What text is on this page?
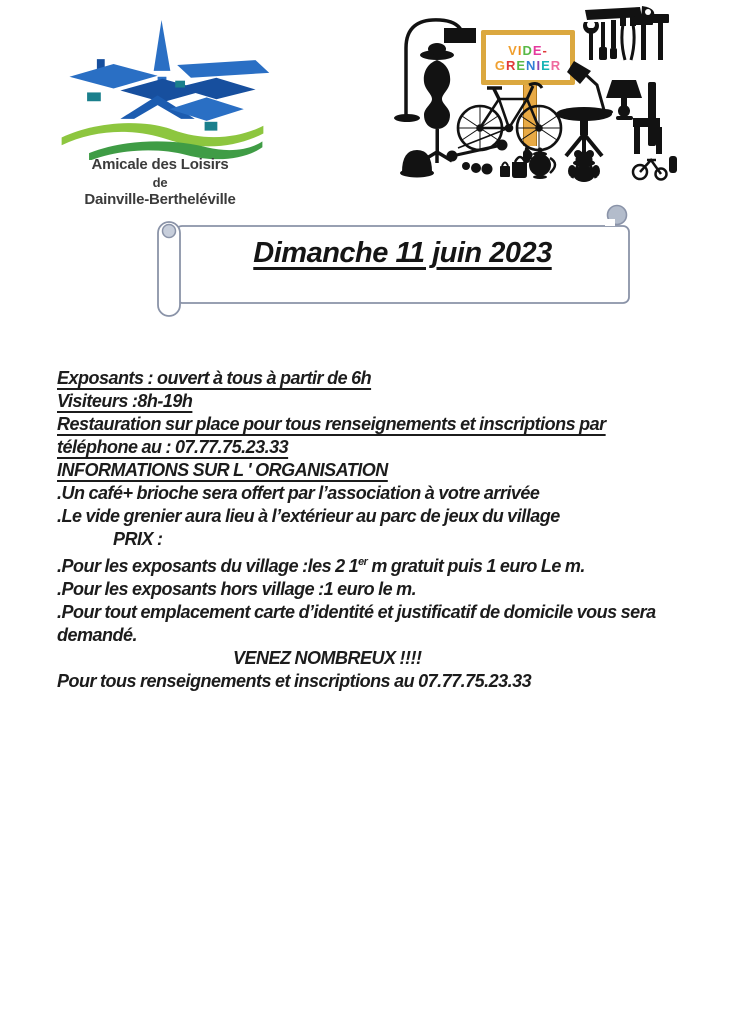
Amicale des Loisirs
de
Dainville-Bertheléville
VIDE-
GRENIER
Dimanche 11 juin 2023

Exposants : ouvert à tous à partir de 6h

Visiteurs :8h-19h

Restauration sur place pour tous renseignements et inscriptions par
téléphone au : 07.77.75.23.33

INFORMATIONS SUR L ' ORGANISATION

.Un café+ brioche sera offert par l’association à votre arrivée

.Le vide grenier aura lieu à l’extérieur au parc de jeux du village

PRIX :

.Pour les exposants du village :les 2 1er m gratuit puis 1 euro Le m.

.Pour les exposants hors village :1 euro le m.

.Pour tout emplacement carte d’identité et justificatif de domicile vous sera
demandé.

VENEZ NOMBREUX !!!!

Pour tous renseignements et inscriptions au 07.77.75.23.33
